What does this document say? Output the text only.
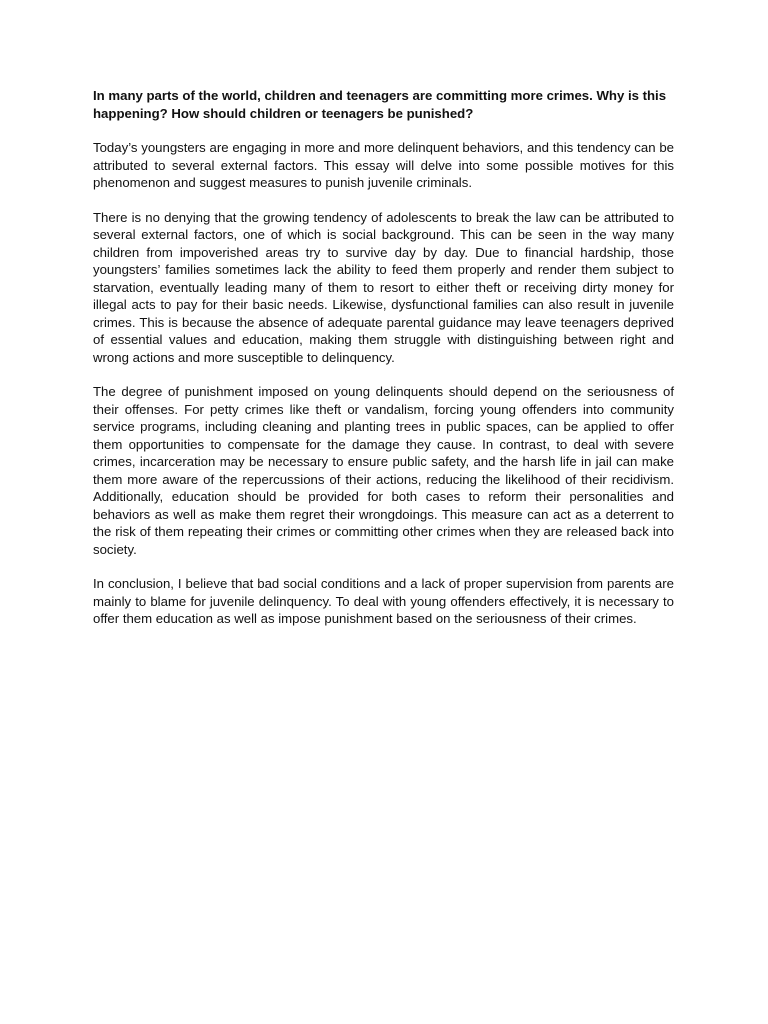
In many parts of the world, children and teenagers are committing more crimes. Why is this happening? How should children or teenagers be punished?

Today’s youngsters are engaging in more and more delinquent behaviors, and this tendency can be attributed to several external factors. This essay will delve into some possible motives for this phenomenon and suggest measures to punish juvenile criminals.

There is no denying that the growing tendency of adolescents to break the law can be attributed to several external factors, one of which is social background. This can be seen in the way many children from impoverished areas try to survive day by day. Due to financial hardship, those youngsters’ families sometimes lack the ability to feed them properly and render them subject to starvation, eventually leading many of them to resort to either theft or receiving dirty money for illegal acts to pay for their basic needs. Likewise, dysfunctional families can also result in juvenile crimes. This is because the absence of adequate parental guidance may leave teenagers deprived of essential values and education, making them struggle with distinguishing between right and wrong actions and more susceptible to delinquency.

The degree of punishment imposed on young delinquents should depend on the seriousness of their offenses. For petty crimes like theft or vandalism, forcing young offenders into community service programs, including cleaning and planting trees in public spaces, can be applied to offer them opportunities to compensate for the damage they cause. In contrast, to deal with severe crimes, incarceration may be necessary to ensure public safety, and the harsh life in jail can make them more aware of the repercussions of their actions, reducing the likelihood of their recidivism. Additionally, education should be provided for both cases to reform their personalities and behaviors as well as make them regret their wrongdoings. This measure can act as a deterrent to the risk of them repeating their crimes or committing other crimes when they are released back into society.

In conclusion, I believe that bad social conditions and a lack of proper supervision from parents are mainly to blame for juvenile delinquency. To deal with young offenders effectively, it is necessary to offer them education as well as impose punishment based on the seriousness of their crimes.
